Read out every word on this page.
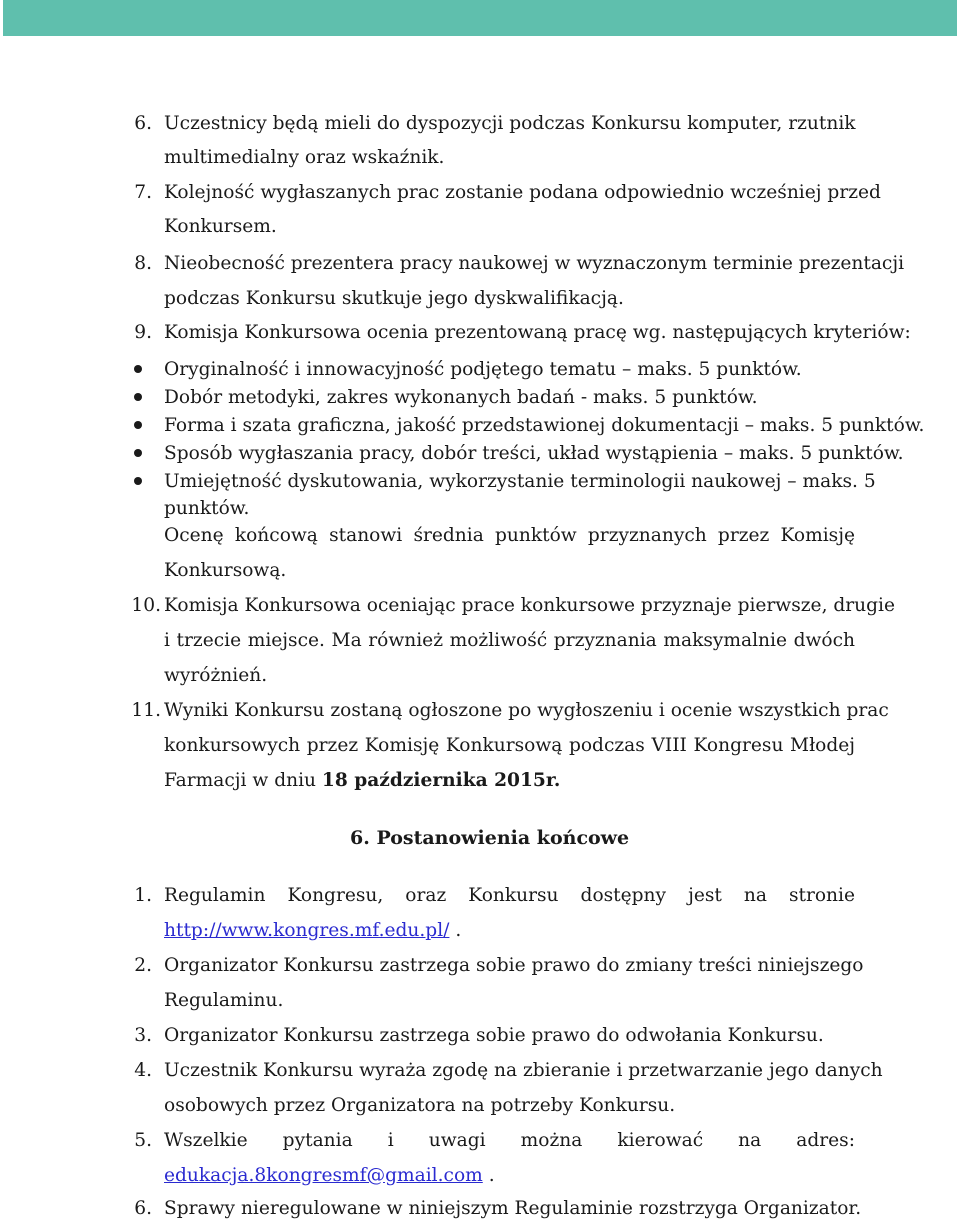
6. Uczestnicy będą mieli do dyspozycji podczas Konkursu komputer, rzutnik
multimedialny oraz wskaźnik.
7. Kolejność wygłaszanych prac zostanie podana odpowiednio wcześniej przed
Konkursem.
8. Nieobecność prezentera pracy naukowej w wyznaczonym terminie prezentacji
podczas Konkursu skutkuje jego dyskwalifikacją.
9. Komisja Konkursowa ocenia prezentowaną pracę wg. następujących kryteriów:
Oryginalność i innowacyjność podjętego tematu – maks. 5 punktów.
Dobór metodyki, zakres wykonanych badań - maks. 5 punktów.
Forma i szata graficzna, jakość przedstawionej dokumentacji – maks. 5 punktów.
Sposób wygłaszania pracy, dobór treści, układ wystąpienia – maks. 5 punktów.
Umiejętność dyskutowania, wykorzystanie terminologii naukowej – maks. 5
punktów.
Ocenę końcową stanowi średnia punktów przyznanych przez Komisję
Konkursową.
10. Komisja Konkursowa oceniając prace konkursowe przyznaje pierwsze, drugie
i trzecie miejsce. Ma również możliwość przyznania maksymalnie dwóch
wyróżnień.
11. Wyniki Konkursu zostaną ogłoszone po wygłoszeniu i ocenie wszystkich prac
konkursowych przez Komisję Konkursową podczas VIII Kongresu Młodej
Farmacji w dniu 18 października 2015r.
6. Postanowienia końcowe
1. Regulamin Kongresu, oraz Konkursu dostępny jest na stronie
http://www.kongres.mf.edu.pl/ .
2. Organizator Konkursu zastrzega sobie prawo do zmiany treści niniejszego
Regulaminu.
3. Organizator Konkursu zastrzega sobie prawo do odwołania Konkursu.
4. Uczestnik Konkursu wyraża zgodę na zbieranie i przetwarzanie jego danych
osobowych przez Organizatora na potrzeby Konkursu.
5. Wszelkie pytania i uwagi można kierować na adres:
edukacja.8kongresmf@gmail.com .
6. Sprawy nieregulowane w niniejszym Regulaminie rozstrzyga Organizator.
